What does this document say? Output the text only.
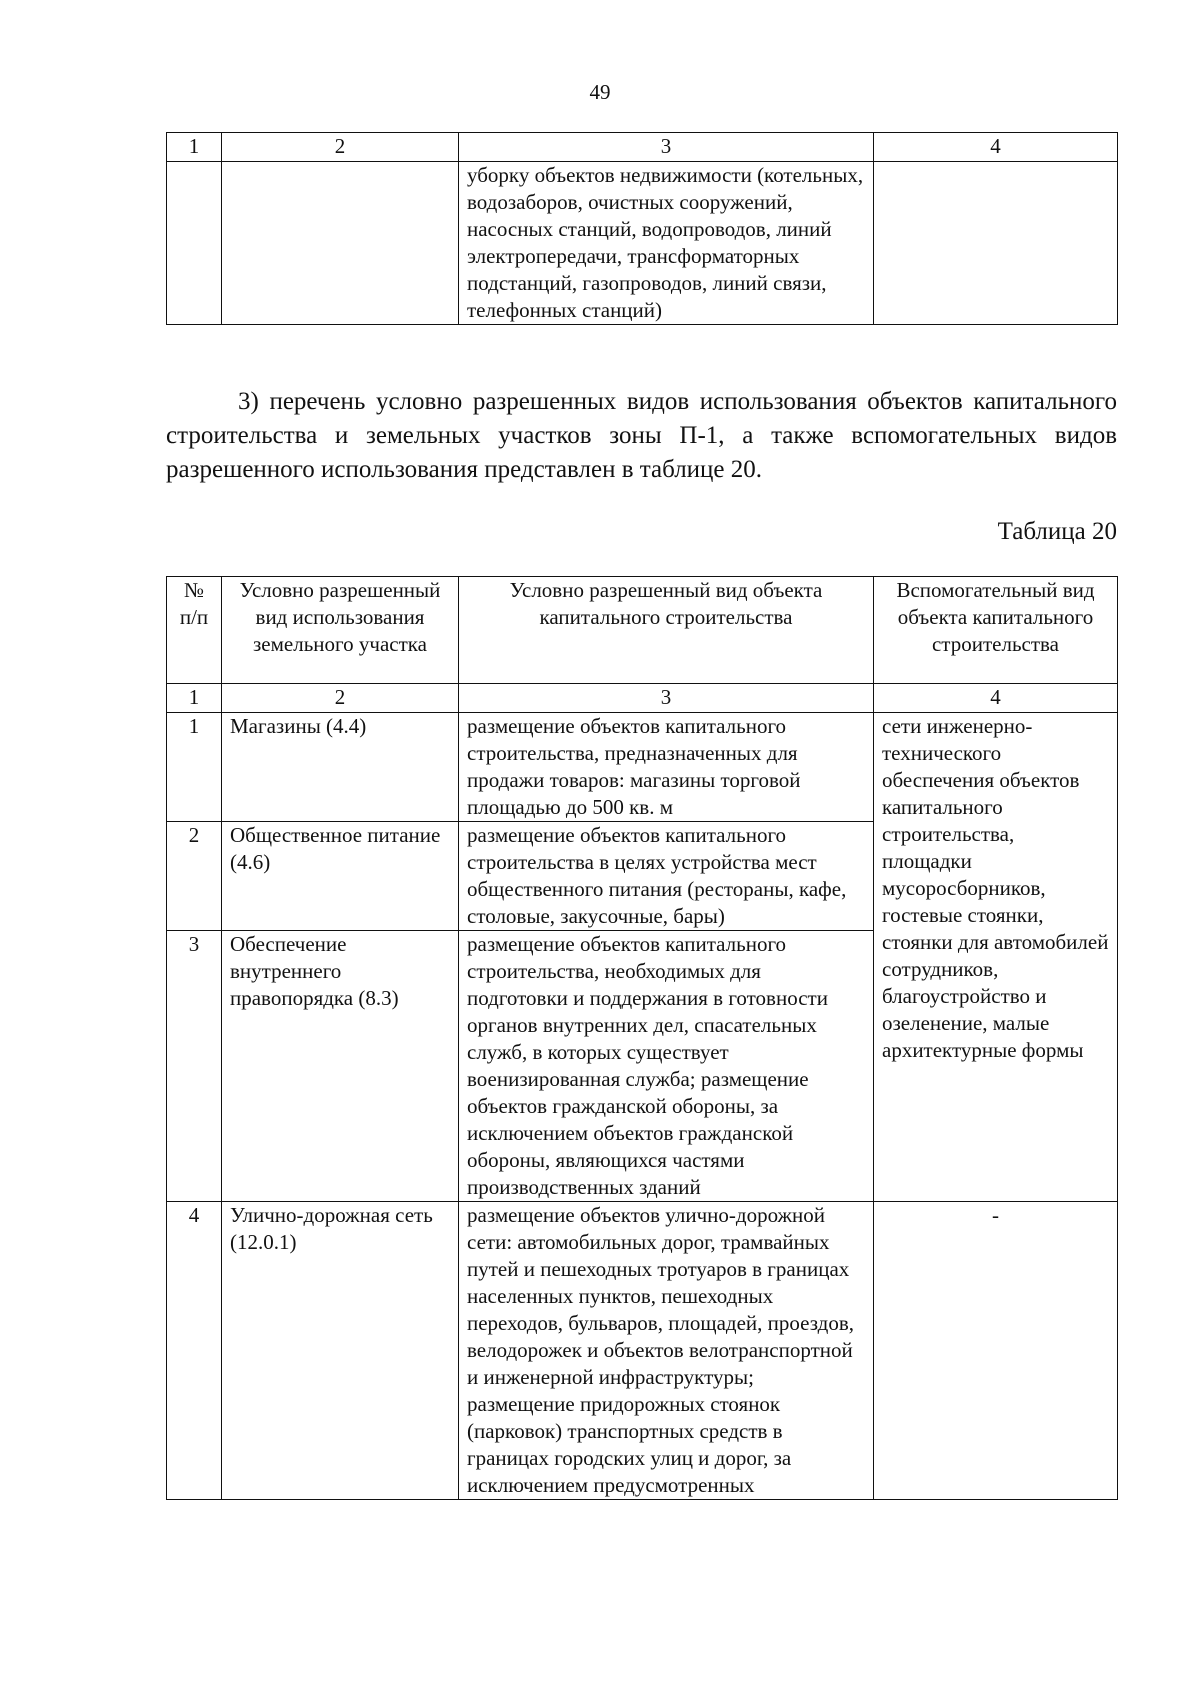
49
1	2	3	4
		уборку объектов недвижимости (котельных, водозаборов, очистных сооружений, насосных станций, водопроводов, линий электропередачи, трансформаторных подстанций, газопроводов, линий связи, телефонных станций)	

3) перечень условно разрешенных видов использования объектов капитального строительства и земельных участков зоны П-1, а также вспомогательных видов разрешенного использования представлен в таблице 20.

Таблица 20
№ п/п	Условно разрешенный вид использования земельного участка	Условно разрешенный вид объекта капитального строительства	Вспомогательный вид объекта капитального строительства
1	2	3	4
1	Магазины (4.4)	размещение объектов капитального строительства, предназначенных для продажи товаров: магазины торговой площадью до 500 кв. м	сети инженерно-технического обеспечения объектов капитального строительства, площадки мусоросборников, гостевые стоянки, стоянки для автомобилей сотрудников, благоустройство и озеленение, малые архитектурные формы
2	Общественное питание (4.6)	размещение объектов капитального строительства в целях устройства мест общественного питания (рестораны, кафе, столовые, закусочные, бары)	
3	Обеспечение внутреннего правопорядка (8.3)	размещение объектов капитального строительства, необходимых для подготовки и поддержания в готовности органов внутренних дел, спасательных служб, в которых существует военизированная служба; размещение объектов гражданской обороны, за исключением объектов гражданской обороны, являющихся частями производственных зданий	
4	Улично-дорожная сеть (12.0.1)	размещение объектов улично-дорожной сети: автомобильных дорог, трамвайных путей и пешеходных тротуаров в границах населенных пунктов, пешеходных переходов, бульваров, площадей, проездов, велодорожек и объектов велотранспортной и инженерной инфраструктуры; размещение придорожных стоянок (парковок) транспортных средств в границах городских улиц и дорог, за исключением предусмотренных	-
